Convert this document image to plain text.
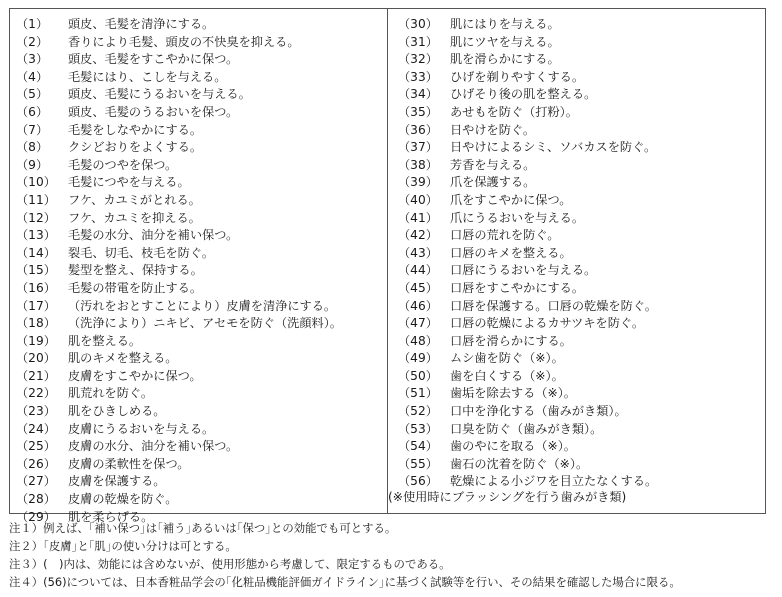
（1） 頭皮、毛髪を清浄にする。
（2） 香りにより毛髪、頭皮の不快臭を抑える。
（3） 頭皮、毛髪をすこやかに保つ。
（4） 毛髪にはり、こしを与える。
（5） 頭皮、毛髪にうるおいを与える。
（6） 頭皮、毛髪のうるおいを保つ。
（7） 毛髪をしなやかにする。
（8） クシどおりをよくする。
（9） 毛髪のつやを保つ。
（10） 毛髪につやを与える。
（11） フケ、カユミがとれる。
（12） フケ、カユミを抑える。
（13） 毛髪の水分、油分を補い保つ。
（14） 裂毛、切毛、枝毛を防ぐ。
（15） 髪型を整え、保持する。
（16） 毛髪の帯電を防止する。
（17） （汚れをおとすことにより）皮膚を清浄にする。
（18） （洗浄により）ニキビ、アセモを防ぐ（洗顔料）。
（19） 肌を整える。
（20） 肌のキメを整える。
（21） 皮膚をすこやかに保つ。
（22） 肌荒れを防ぐ。
（23） 肌をひきしめる。
（24） 皮膚にうるおいを与える。
（25） 皮膚の水分、油分を補い保つ。
（26） 皮膚の柔軟性を保つ。
（27） 皮膚を保護する。
（28） 皮膚の乾燥を防ぐ。
（29） 肌を柔らげる。
（30） 肌にはりを与える。
（31） 肌にツヤを与える。
（32） 肌を滑らかにする。
（33） ひげを剃りやすくする。
（34） ひげそり後の肌を整える。
（35） あせもを防ぐ（打粉）。
（36） 日やけを防ぐ。
（37） 日やけによるシミ、ソバカスを防ぐ。
（38） 芳香を与える。
（39） 爪を保護する。
（40） 爪をすこやかに保つ。
（41） 爪にうるおいを与える。
（42） 口唇の荒れを防ぐ。
（43） 口唇のキメを整える。
（44） 口唇にうるおいを与える。
（45） 口唇をすこやかにする。
（46） 口唇を保護する。口唇の乾燥を防ぐ。
（47） 口唇の乾燥によるカサツキを防ぐ。
（48） 口唇を滑らかにする。
（49） ムシ歯を防ぐ（※）。
（50） 歯を白くする（※）。
（51） 歯垢を除去する（※）。
（52） 口中を浄化する（歯みがき類）。
（53） 口臭を防ぐ（歯みがき類）。
（54） 歯のやにを取る（※）。
（55） 歯石の沈着を防ぐ（※）。
（56） 乾燥による小ジワを目立たなくする。
(※使用時にブラッシングを行う歯みがき類)
注１）例えば、｢補い保つ｣は｢補う｣あるいは｢保つ｣との効能でも可とする。
注２）｢皮膚｣と｢肌｣の使い分けは可とする。
注３）(　)内は、効能には含めないが、使用形態から考慮して、限定するものである。
注４）(56)については、日本香粧品学会の｢化粧品機能評価ガイドライン｣に基づく試験等を行い、その結果を確認した場合に限る。
